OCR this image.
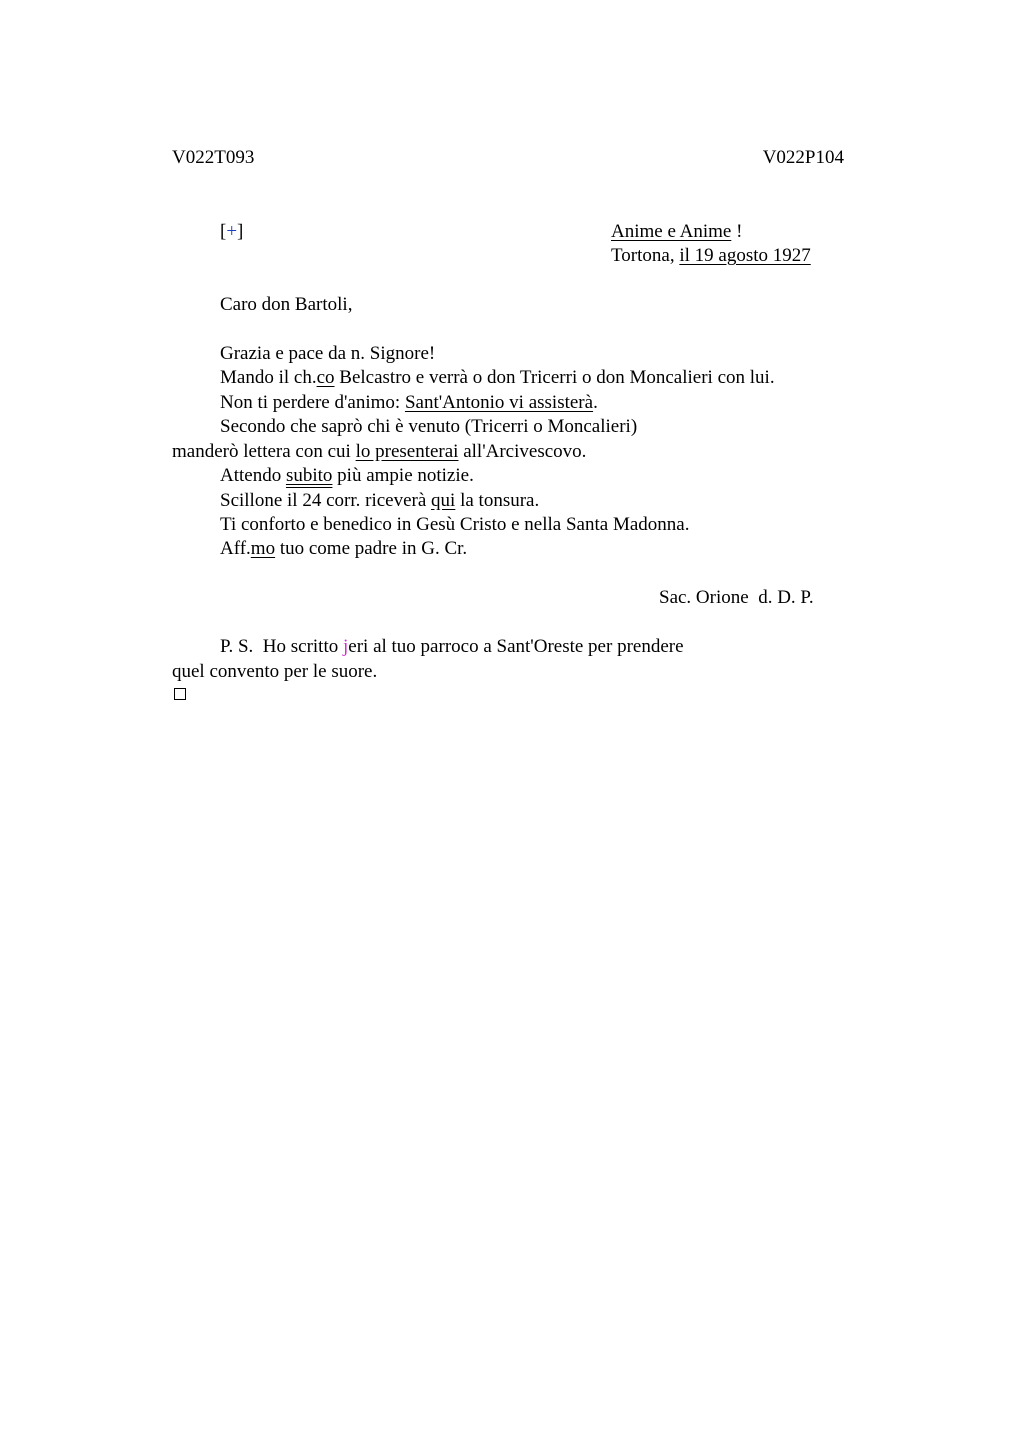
V022T093	V022P104
[+]	Anime e Anime !
Tortona, il 19 agosto 1927
Caro don Bartoli,
Grazia e pace da n. Signore!
Mando il ch.co Belcastro e verrà o don Tricerri o don Moncalieri con lui.
Non ti perdere d'animo: Sant'Antonio vi assisterà.
Secondo che saprò chi è venuto (Tricerri o Moncalieri)
manderò lettera con cui lo presenterai all'Arcivescovo.
Attendo subito più ampie notizie.
Scillone il 24 corr. riceverà qui la tonsura.
Ti conforto e benedico in Gesù Cristo e nella Santa Madonna.
Aff.mo tuo come padre in G. Cr.
Sac. Orione  d. D. P.
P. S.  Ho scritto jeri al tuo parroco a Sant'Oreste per prendere
quel convento per le suore.
